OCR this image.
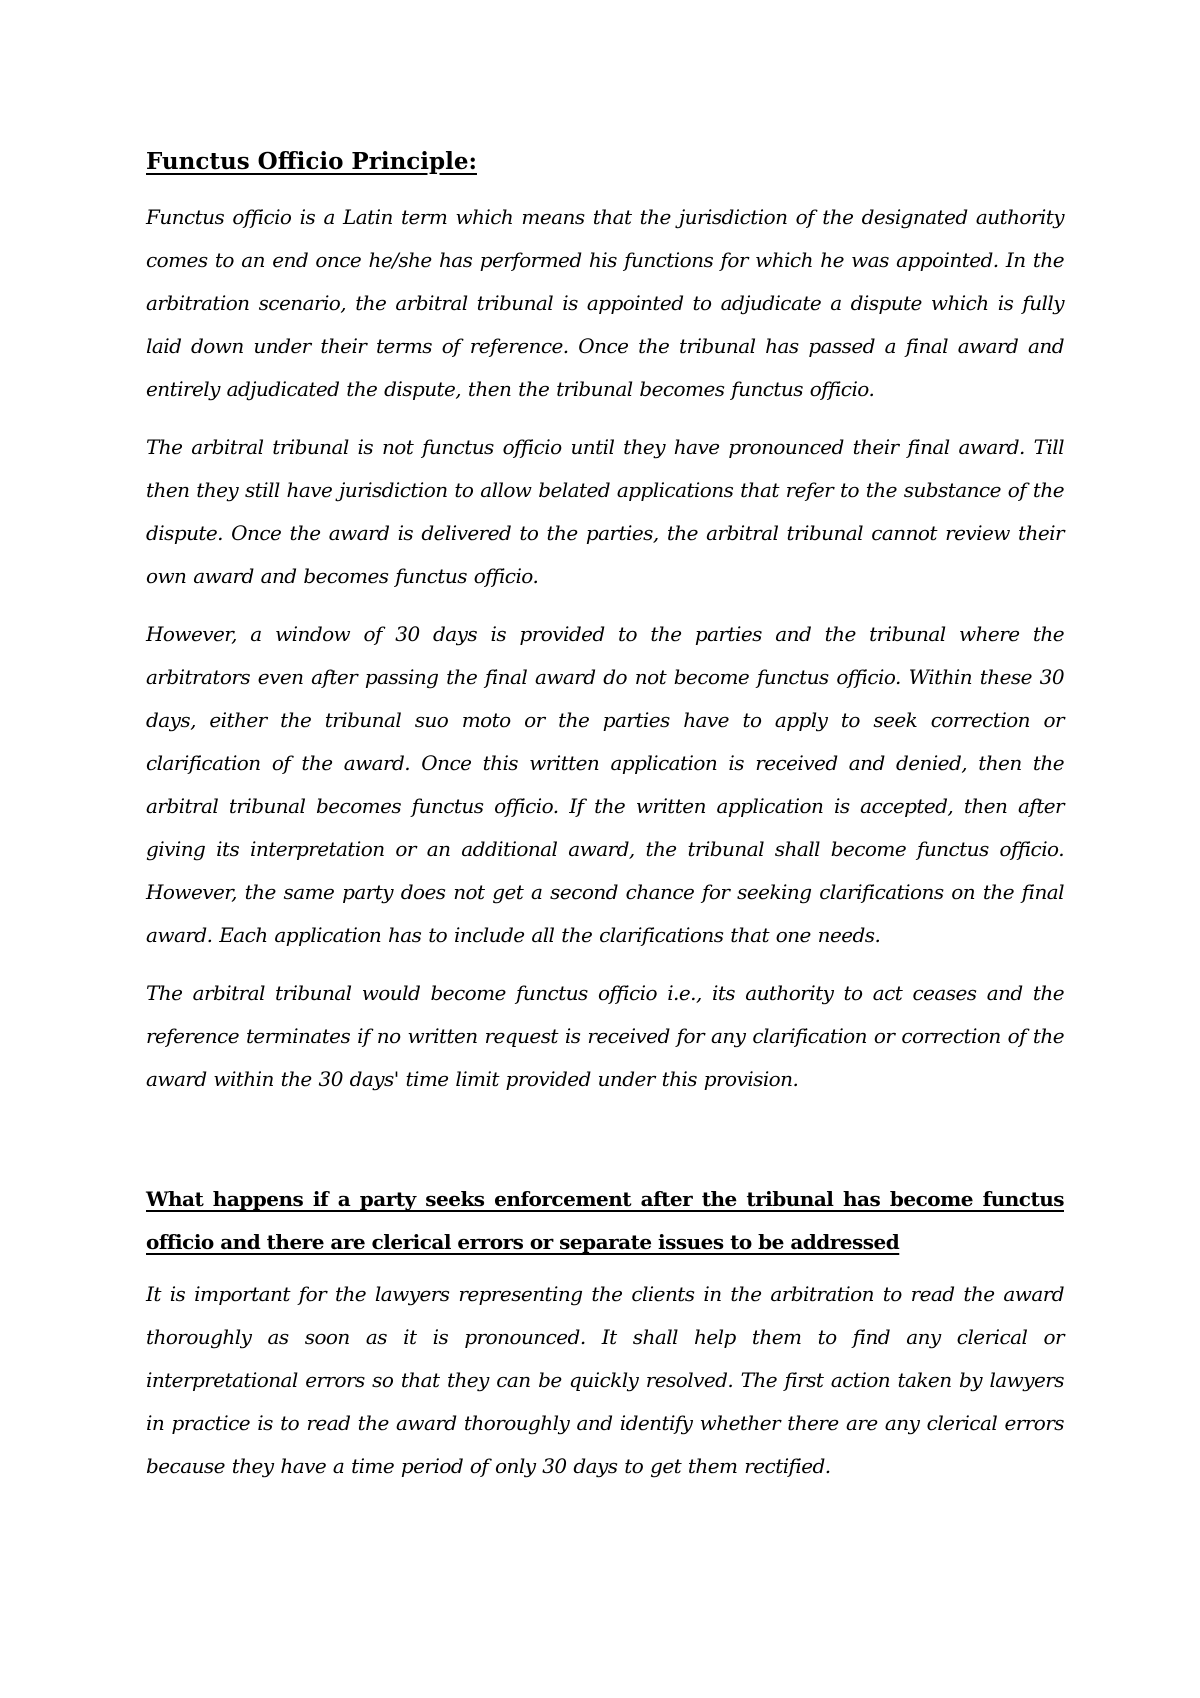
Functus Officio Principle:

Functus officio is a Latin term which means that the jurisdiction of the designated authority comes to an end once he/she has performed his functions for which he was appointed. In the arbitration scenario, the arbitral tribunal is appointed to adjudicate a dispute which is fully laid down under their terms of reference. Once the tribunal has passed a final award and entirely adjudicated the dispute, then the tribunal becomes functus officio.

The arbitral tribunal is not functus officio until they have pronounced their final award. Till then they still have jurisdiction to allow belated applications that refer to the substance of the dispute. Once the award is delivered to the parties, the arbitral tribunal cannot review their own award and becomes functus officio.

However, a window of 30 days is provided to the parties and the tribunal where the arbitrators even after passing the final award do not become functus officio. Within these 30 days, either the tribunal suo moto or the parties have to apply to seek correction or clarification of the award. Once this written application is received and denied, then the arbitral tribunal becomes functus officio. If the written application is accepted, then after giving its interpretation or an additional award, the tribunal shall become functus officio. However, the same party does not get a second chance for seeking clarifications on the final award. Each application has to include all the clarifications that one needs.

The arbitral tribunal would become functus officio i.e., its authority to act ceases and the reference terminates if no written request is received for any clarification or correction of the award within the 30 days' time limit provided under this provision.

What happens if a party seeks enforcement after the tribunal has become functus officio and there are clerical errors or separate issues to be addressed

It is important for the lawyers representing the clients in the arbitration to read the award thoroughly as soon as it is pronounced. It shall help them to find any clerical or interpretational errors so that they can be quickly resolved. The first action taken by lawyers in practice is to read the award thoroughly and identify whether there are any clerical errors because they have a time period of only 30 days to get them rectified.
